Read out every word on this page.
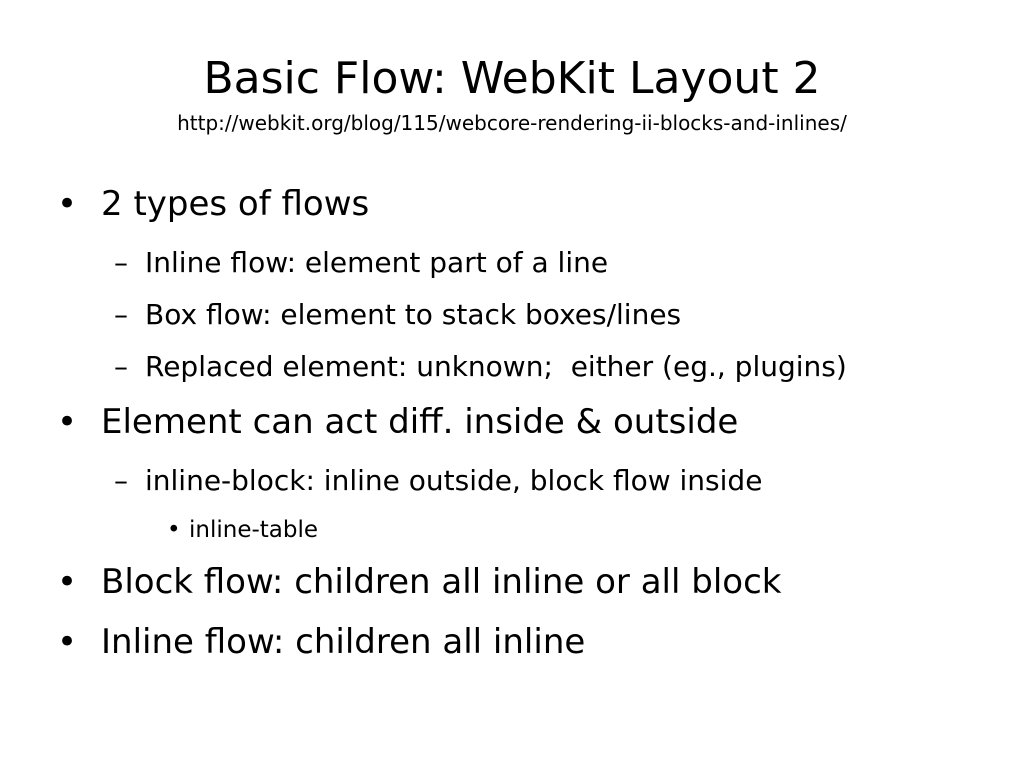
Basic Flow: WebKit Layout 2

http://webkit.org/blog/115/webcore-rendering-ii-blocks-and-inlines/

• 2 types of flows
– Inline flow: element part of a line
– Box flow: element to stack boxes/lines
– Replaced element: unknown;  either (eg., plugins)
• Element can act diff. inside & outside
– inline-block: inline outside, block flow inside
• inline-table
• Block flow: children all inline or all block
• Inline flow: children all inline
